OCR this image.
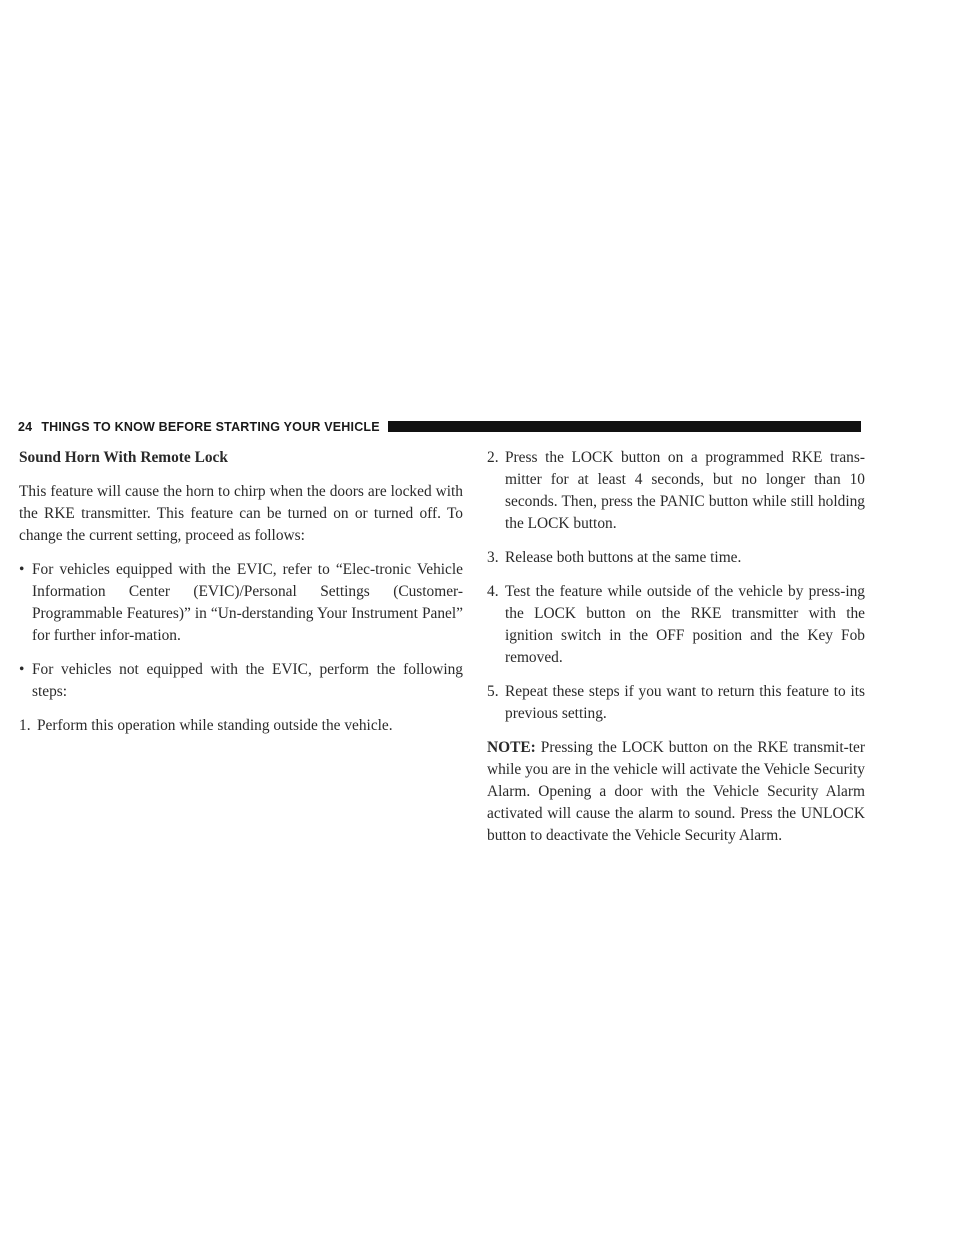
24 THINGS TO KNOW BEFORE STARTING YOUR VEHICLE
Sound Horn With Remote Lock

This feature will cause the horn to chirp when the doors are locked with the RKE transmitter. This feature can be turned on or turned off. To change the current setting, proceed as follows:

• For vehicles equipped with the EVIC, refer to “Elec-tronic Vehicle Information Center (EVIC)/Personal Settings (Customer-Programmable Features)” in “Un-derstanding Your Instrument Panel” for further infor-mation.
• For vehicles not equipped with the EVIC, perform the following steps:
1. Perform this operation while standing outside the vehicle.
2. Press the LOCK button on a programmed RKE trans-mitter for at least 4 seconds, but no longer than 10 seconds. Then, press the PANIC button while still holding the LOCK button.
3. Release both buttons at the same time.
4. Test the feature while outside of the vehicle by press-ing the LOCK button on the RKE transmitter with the ignition switch in the OFF position and the Key Fob removed.
5. Repeat these steps if you want to return this feature to its previous setting.

NOTE: Pressing the LOCK button on the RKE transmit-ter while you are in the vehicle will activate the Vehicle Security Alarm. Opening a door with the Vehicle Security Alarm activated will cause the alarm to sound. Press the UNLOCK button to deactivate the Vehicle Security Alarm.
